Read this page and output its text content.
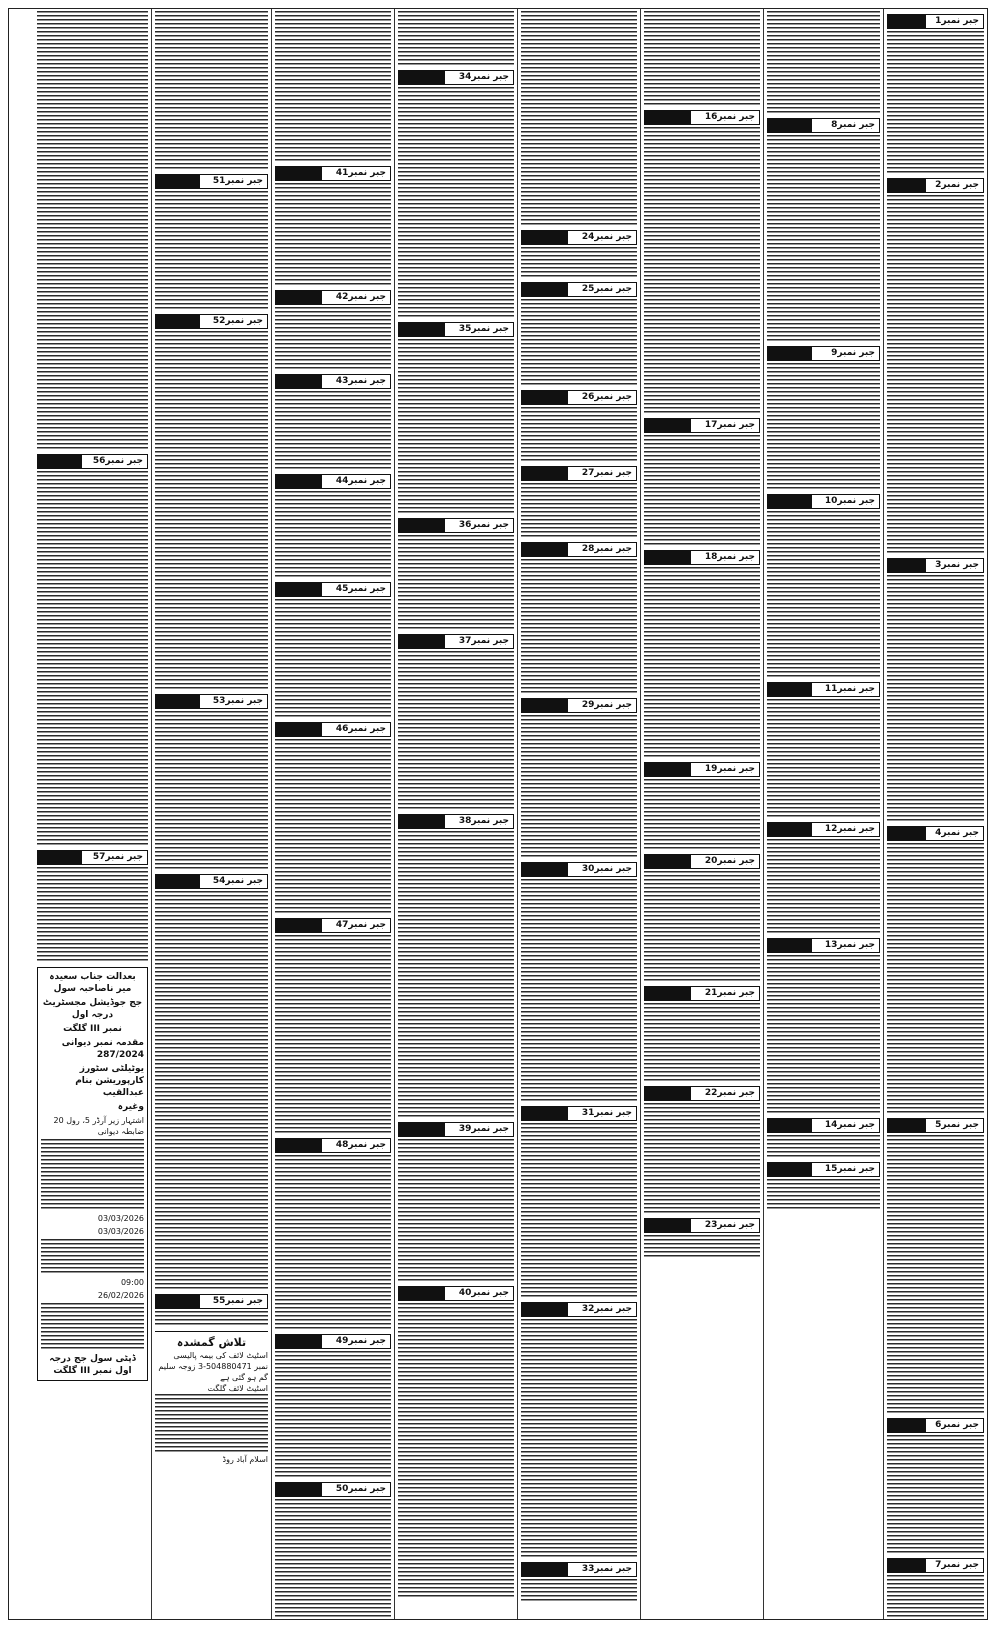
جبر نمبر1
جبر نمبر2
جبر نمبر3
جبر نمبر4
جبر نمبر5
جبر نمبر6
جبر نمبر7
جبر نمبر8
جبر نمبر9
جبر نمبر10
جبر نمبر11
جبر نمبر12
جبر نمبر13
جبر نمبر14
جبر نمبر15
جبر نمبر16
جبر نمبر17
جبر نمبر18
جبر نمبر19
جبر نمبر20
جبر نمبر21
جبر نمبر22
جبر نمبر23
جبر نمبر24
جبر نمبر25
جبر نمبر26
جبر نمبر27
جبر نمبر28
جبر نمبر29
جبر نمبر30
جبر نمبر31
جبر نمبر32
جبر نمبر33
جبر نمبر34
جبر نمبر35
جبر نمبر36
جبر نمبر37
جبر نمبر38
جبر نمبر39
جبر نمبر40
جبر نمبر41
جبر نمبر42
جبر نمبر43
جبر نمبر44
جبر نمبر45
جبر نمبر46
جبر نمبر47
جبر نمبر48
جبر نمبر49
جبر نمبر50
جبر نمبر51
جبر نمبر52
جبر نمبر53
جبر نمبر54
جبر نمبر55
تلاش گمشدہ
اسٹیٹ لائف کی بیمہ پالیسی
نمبر 504880471-3 زوجہ سلیم
گم ہو گئی ہے
اسٹیٹ لائف گلگت
اسلام آباد روڈ
جبر نمبر56
جبر نمبر57
بعدالت جناب سعیدہ میر ناصاحبہ سول
جج جوڈیشل مجسٹریٹ درجہ اول
نمبر III گلگت
مقدمہ نمبر دیوانی 287/2024
یوٹیلٹی سٹورز کارپوریشن بنام عبدالقیب
وغیرہ
اشتہار زیر آرڈر 5، رول 20 ضابطہ دیوانی
03/03/2026
03/03/2026
09:00
26/02/2026
ڈپٹی سول جج درجہ اول نمبر III گلگت
